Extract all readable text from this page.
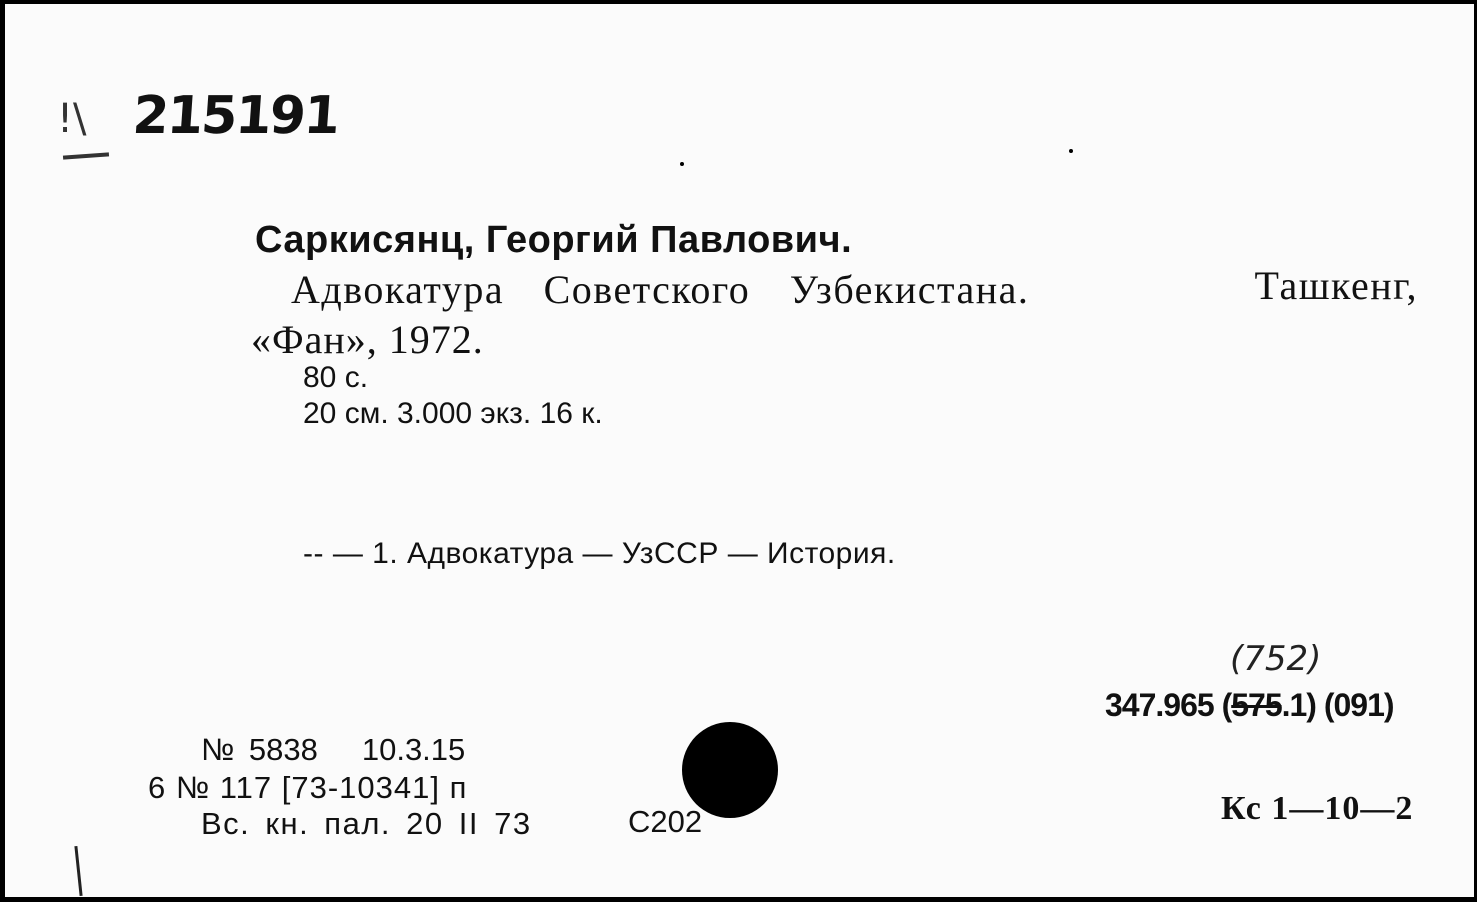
!\ 215191
Саркисянц, Георгий Павлович.
Адвокатура Советского Узбекистана.	Ташкенг,
«Фан», 1972.
80 с.
20 см. 3.000 экз. 16 к.
-- — 1. Адвокатура — УзССР — История.
(752)
347.965 (575.1) (091)
Кс 1—10—2
№ 5838 10.3.15
6 № 117 [73-10341] п
Вс. кн. пал. 20 II 73	С202
